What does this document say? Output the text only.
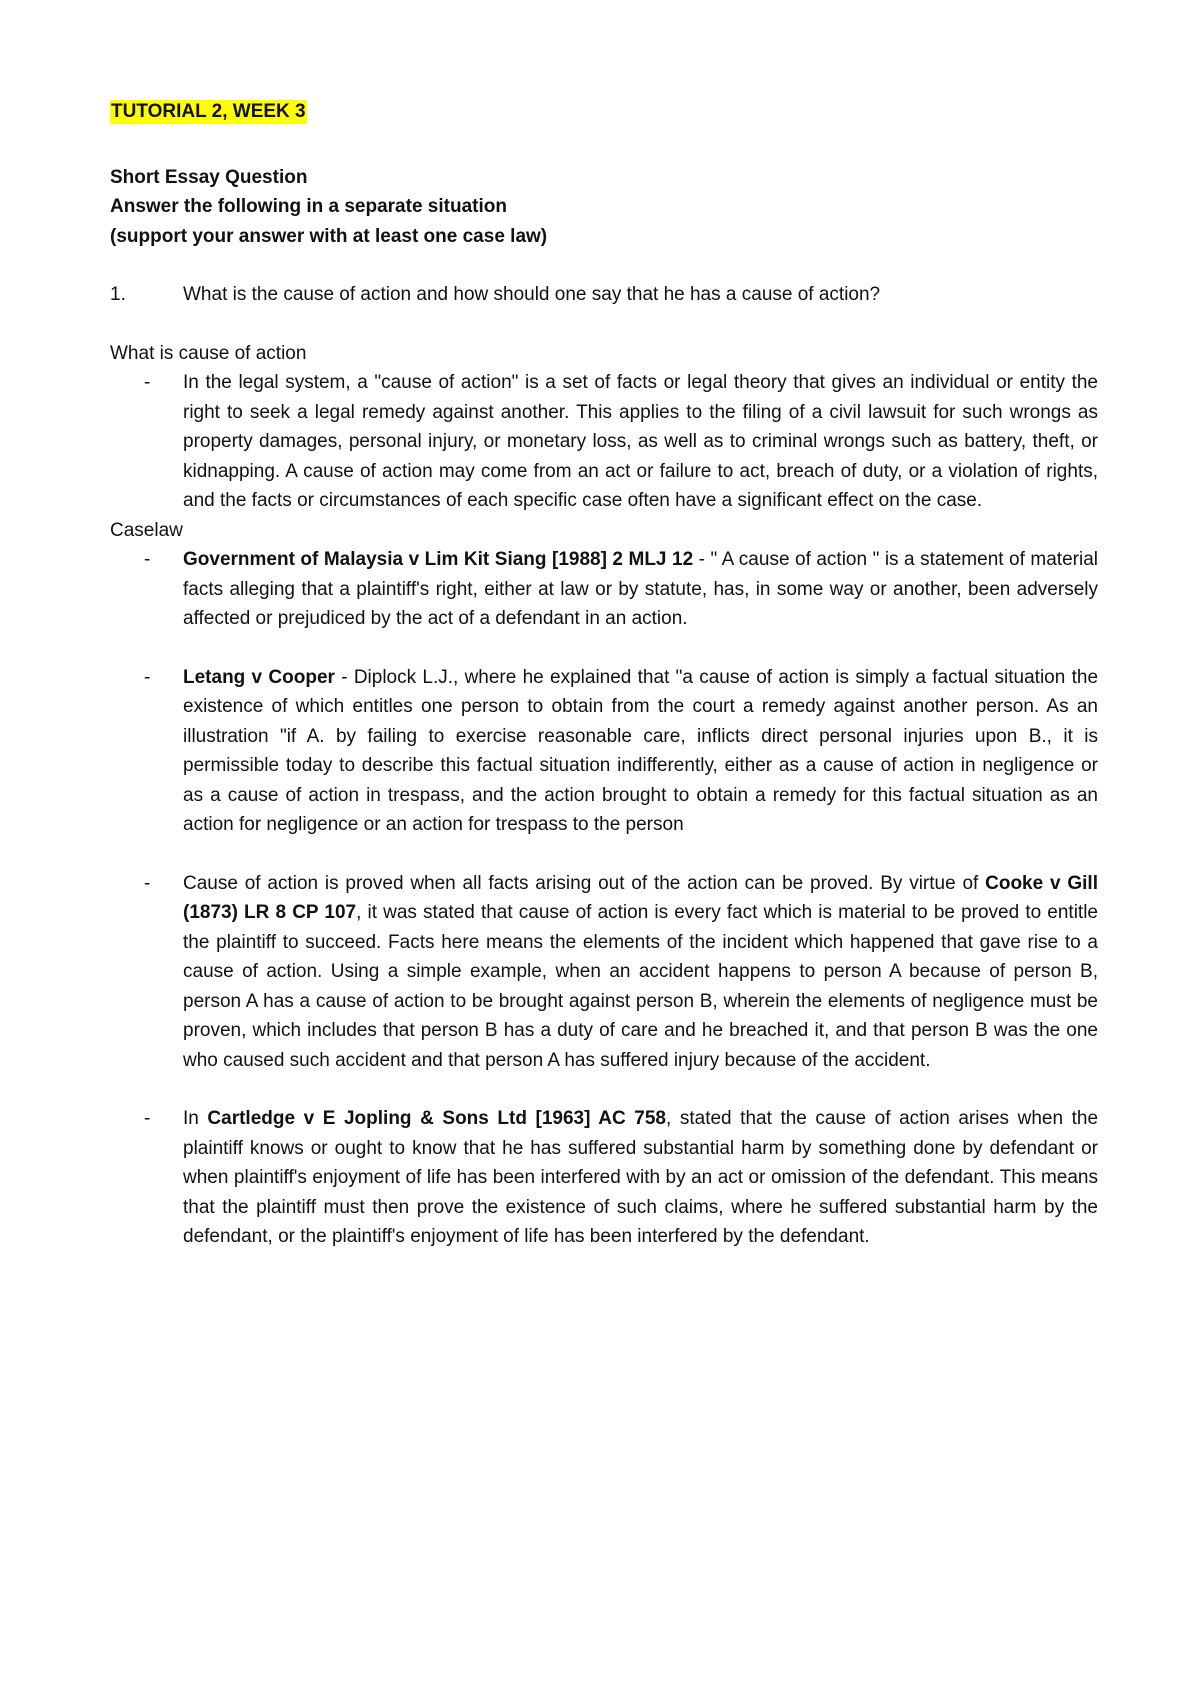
TUTORIAL 2, WEEK 3
Short Essay Question
Answer the following in a separate situation
(support your answer with at least one case law)
1.	What is the cause of action and how should one say that he has a cause of action?
What is cause of action
-	In the legal system, a "cause of action" is a set of facts or legal theory that gives an individual or entity the right to seek a legal remedy against another. This applies to the filing of a civil lawsuit for such wrongs as property damages, personal injury, or monetary loss, as well as to criminal wrongs such as battery, theft, or kidnapping. A cause of action may come from an act or failure to act, breach of duty, or a violation of rights, and the facts or circumstances of each specific case often have a significant effect on the case.
Caselaw
-	Government of Malaysia v Lim Kit Siang [1988] 2 MLJ 12 - " A cause of action " is a statement of material facts alleging that a plaintiff's right, either at law or by statute, has, in some way or another, been adversely affected or prejudiced by the act of a defendant in an action.
-	Letang v Cooper - Diplock L.J., where he explained that "a cause of action is simply a factual situation the existence of which entitles one person to obtain from the court a remedy against another person. As an illustration "if A. by failing to exercise reasonable care, inflicts direct personal injuries upon B., it is permissible today to describe this factual situation indifferently, either as a cause of action in negligence or as a cause of action in trespass, and the action brought to obtain a remedy for this factual situation as an action for negligence or an action for trespass to the person
-	Cause of action is proved when all facts arising out of the action can be proved. By virtue of Cooke v Gill (1873) LR 8 CP 107, it was stated that cause of action is every fact which is material to be proved to entitle the plaintiff to succeed. Facts here means the elements of the incident which happened that gave rise to a cause of action. Using a simple example, when an accident happens to person A because of person B, person A has a cause of action to be brought against person B, wherein the elements of negligence must be proven, which includes that person B has a duty of care and he breached it, and that person B was the one who caused such accident and that person A has suffered injury because of the accident.
-	In Cartledge v E Jopling & Sons Ltd [1963] AC 758, stated that the cause of action arises when the plaintiff knows or ought to know that he has suffered substantial harm by something done by defendant or when plaintiff's enjoyment of life has been interfered with by an act or omission of the defendant. This means that the plaintiff must then prove the existence of such claims, where he suffered substantial harm by the defendant, or the plaintiff's enjoyment of life has been interfered by the defendant.
